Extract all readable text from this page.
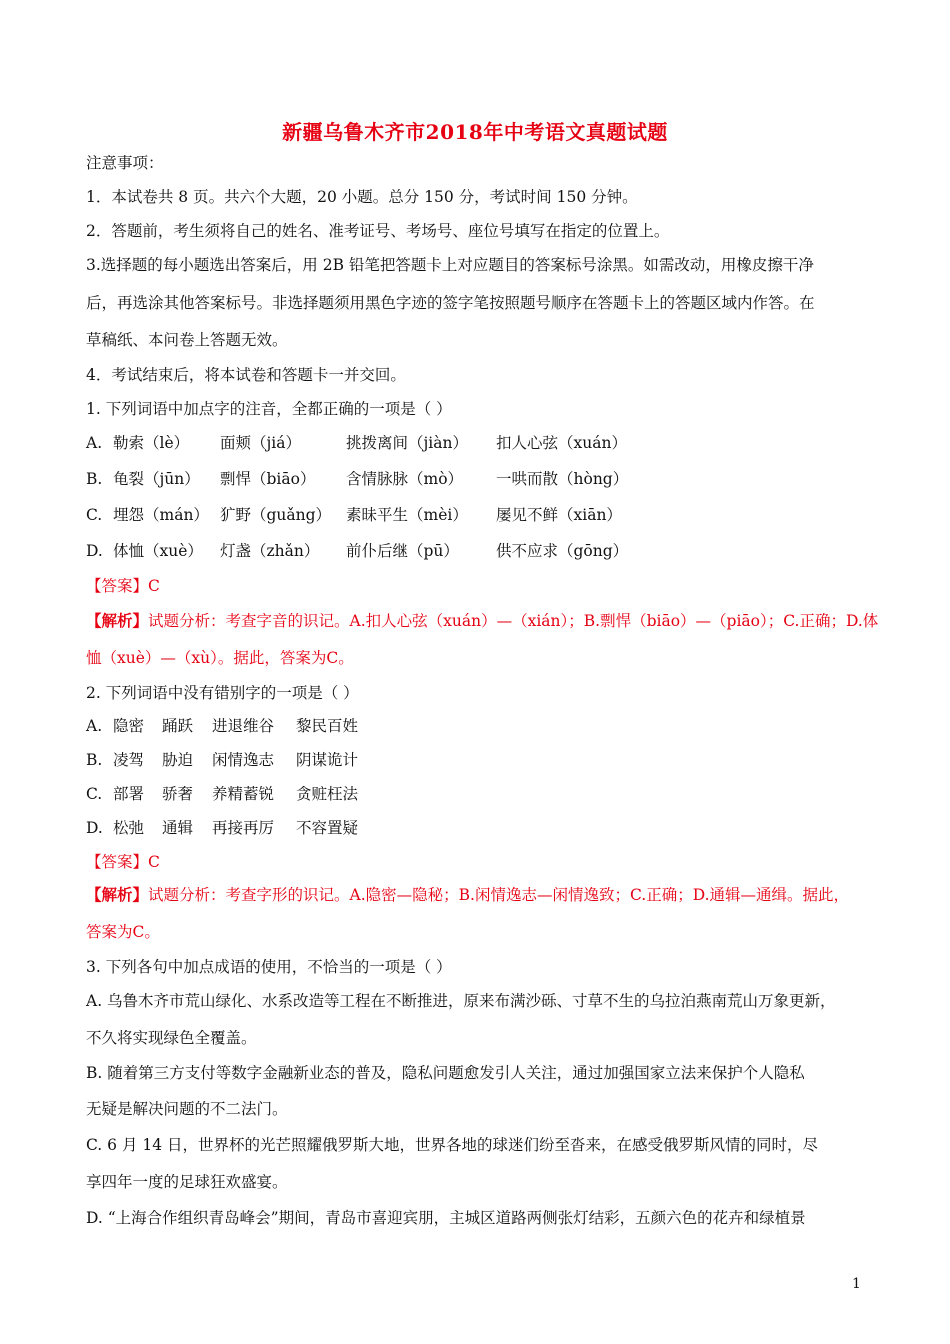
新疆乌鲁木齐市2018年中考语文真题试题
注意事项：
1．本试卷共 8 页。共六个大题，20 小题。总分 150 分，考试时间 150 分钟。
2．答题前，考生须将自己的姓名、准考证号、考场号、座位号填写在指定的位置上。
3.选择题的每小题选出答案后，用 2B 铅笔把答题卡上对应题目的答案标号涂黑。如需改动，用橡皮擦干净
后，再选涂其他答案标号。非选择题须用黑色字迹的签字笔按照题号顺序在答题卡上的答题区域内作答。在
草稿纸、本问卷上答题无效。
4．考试结束后，将本试卷和答题卡一并交回。
1. 下列词语中加点字的注音，全都正确的一项是（ ）
A. 勒索（lè） 面颊（jiá）	挑拨离间（jiàn） 扣人心弦（xuán）
B. 龟裂（jūn） 剽悍（biāo） 含情脉脉（mò） 一哄而散（hòng）
C. 埋怨（mán） 犷野（guǎng） 素昧平生（mèi） 屡见不鲜（xiān）
D. 体恤（xuè） 灯盏（zhǎn） 前仆后继（pū） 供不应求（gōng）
【答案】C
【解析】试题分析：考查字音的识记。A.扣人心弦（xuán）—（xián）；B.剽悍（biāo）—（piāo）；C.正确；D.体
恤（xuè）—（xù）。据此，答案为C。
2. 下列词语中没有错别字的一项是（ ）
A. 隐密 踊跃 进退维谷 黎民百姓
B. 凌驾 胁迫 闲情逸志 阴谋诡计
C. 部署 骄奢 养精蓄锐 贪赃枉法
D. 松弛 通辑 再接再厉 不容置疑
【答案】C
【解析】试题分析：考查字形的识记。A.隐密—隐秘；B.闲情逸志—闲情逸致；C.正确；D.通辑—通缉。据此，
答案为C。
3. 下列各句中加点成语的使用，不恰当的一项是（ ）
A. 乌鲁木齐市荒山绿化、水系改造等工程在不断推进，原来布满沙砾、寸草不生的乌拉泊燕南荒山万象更新，
不久将实现绿色全覆盖。
B. 随着第三方支付等数字金融新业态的普及，隐私问题愈发引人关注，通过加强国家立法来保护个人隐私
无疑是解决问题的不二法门。
C. 6 月 14 日，世界杯的光芒照耀俄罗斯大地，世界各地的球迷们纷至沓来，在感受俄罗斯风情的同时，尽
享四年一度的足球狂欢盛宴。
D. “上海合作组织青岛峰会”期间，青岛市喜迎宾朋，主城区道路两侧张灯结彩，五颜六色的花卉和绿植景
1
